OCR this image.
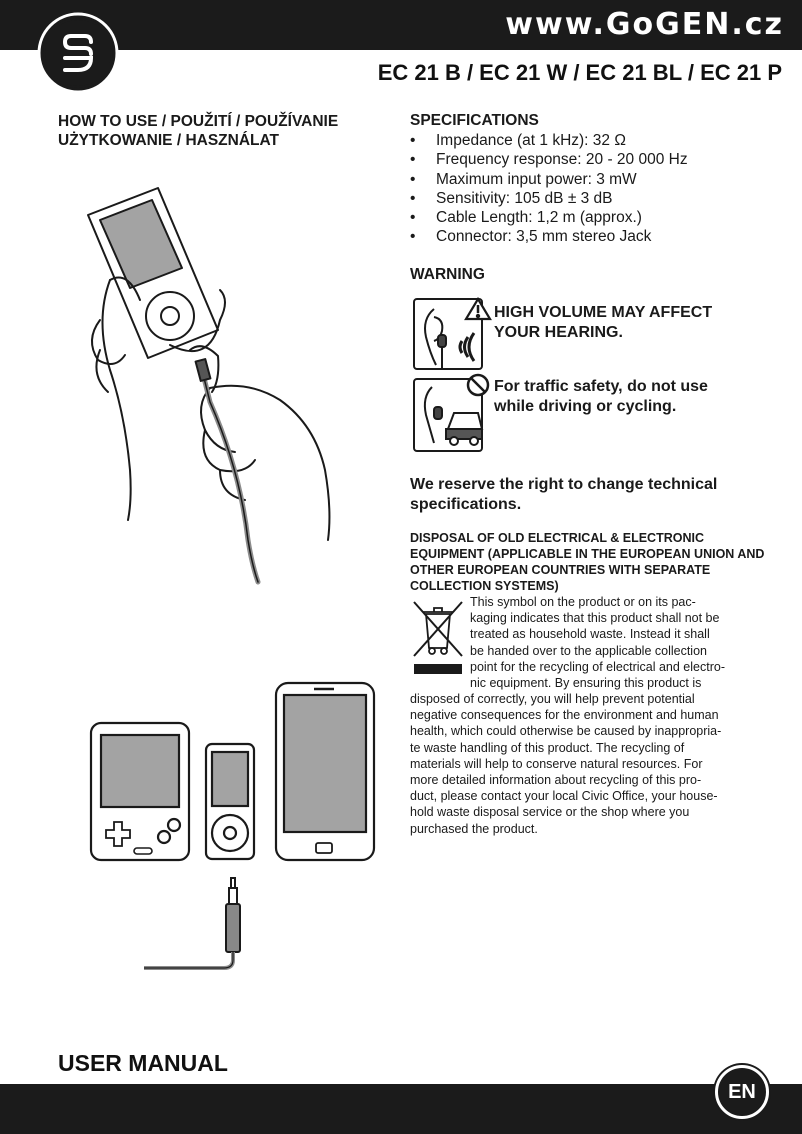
www.GoGEN.cz
EC 21 B / EC 21 W / EC 21 BL / EC 21 P
HOW TO USE / POUŽITÍ / POUŽÍVANIE
UŻYTKOWANIE / HASZNÁLAT
SPECIFICATIONS
• Impedance (at 1 kHz): 32 Ω
• Frequency response: 20 - 20 000 Hz
• Maximum input power: 3 mW
• Sensitivity: 105 dB ± 3 dB
• Cable Length: 1,2 m (approx.)
• Connector: 3,5 mm stereo Jack
WARNING
HIGH VOLUME MAY AFFECT
YOUR HEARING.
For traffic safety, do not use
while driving or cycling.
We reserve the right to change technical specifications.
DISPOSAL OF OLD ELECTRICAL & ELECTRONIC EQUIPMENT (APPLICABLE IN THE EUROPEAN UNION AND OTHER EUROPEAN COUNTRIES WITH SEPARATE COLLECTION SYSTEMS)
This symbol on the product or on its pac-
kaging indicates that this product shall not be
treated as household waste. Instead it shall
be handed over to the applicable collection
point for the recycling of electrical and electro-
nic equipment. By ensuring this product is
disposed of correctly, you will help prevent potential
negative consequences for the environment and human
health, which could otherwise be caused by inappropria-
te waste handling of this product. The recycling of
materials will help to conserve natural resources. For
more detailed information about recycling of this pro-
duct, please contact your local Civic Office, your house-
hold waste disposal service or the shop where you
purchased the product.
USER MANUAL
EN
